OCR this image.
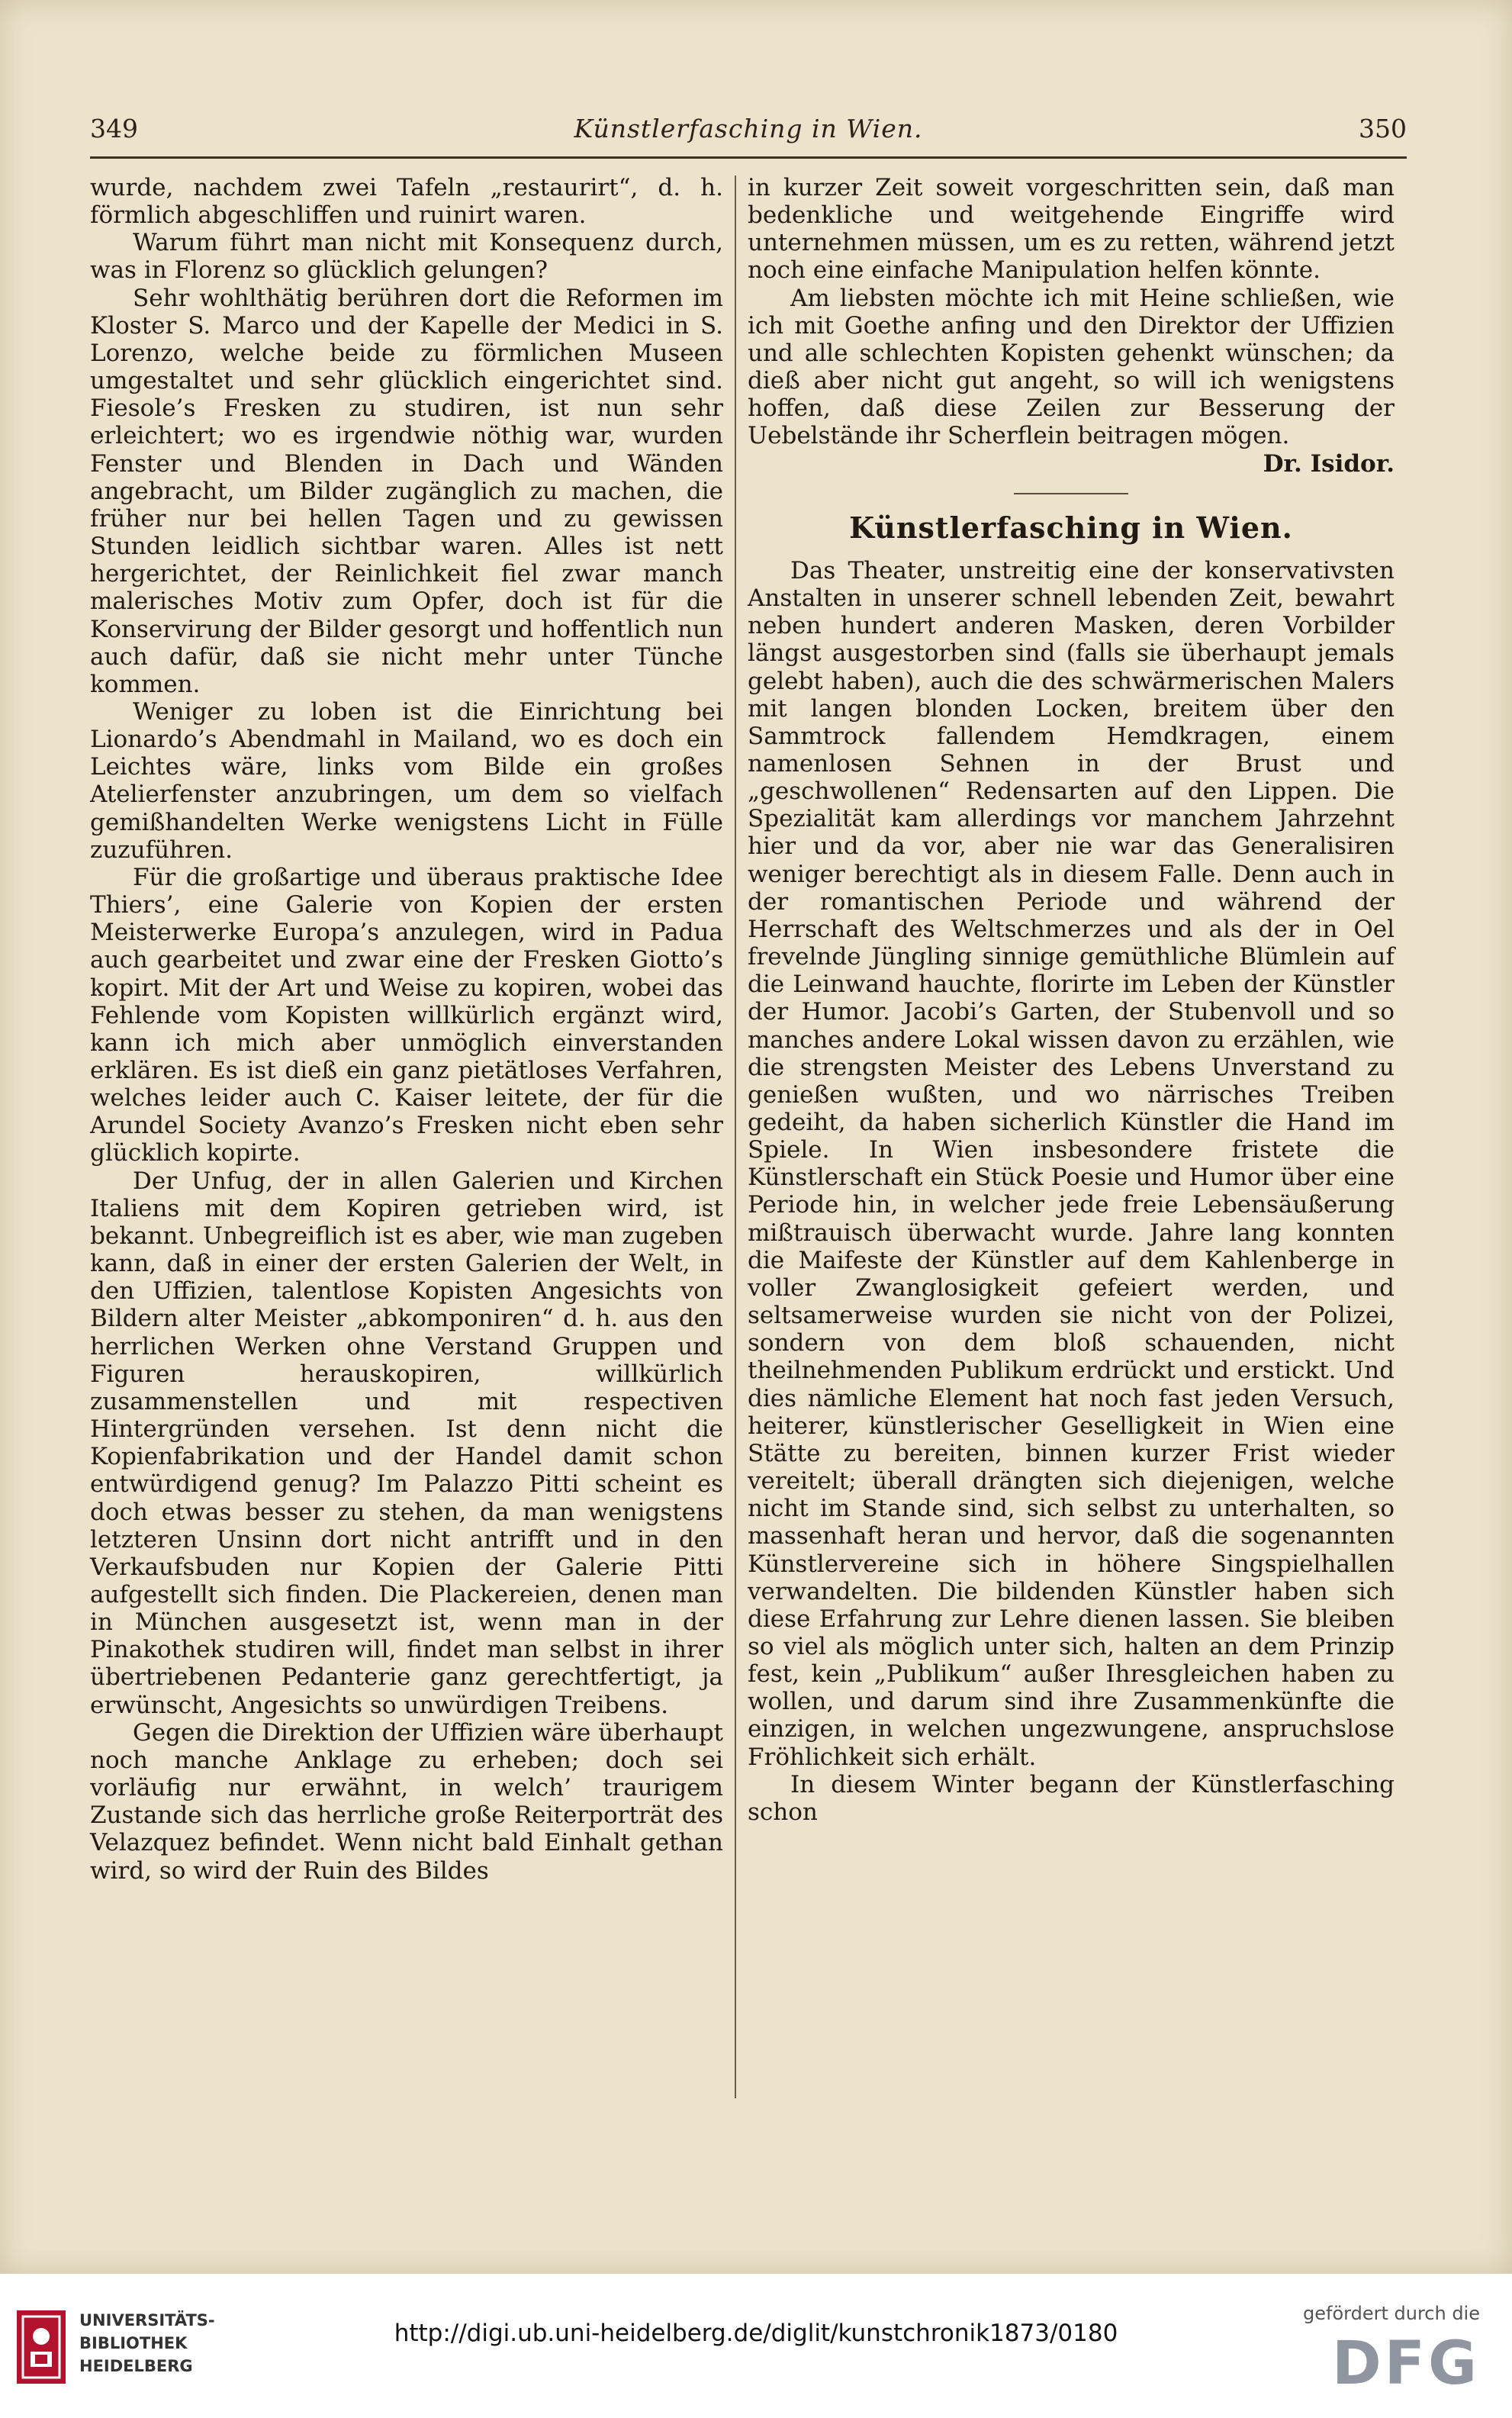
349	Künstlerfasching in Wien.	350

wurde, nachdem zwei Tafeln „restaurirt“, d. h. förmlich abgeschliffen und ruinirt waren.

Warum führt man nicht mit Konsequenz durch, was in Florenz so glücklich gelungen?

Sehr wohlthätig berühren dort die Reformen im Kloster S. Marco und der Kapelle der Medici in S. Lorenzo, welche beide zu förmlichen Museen umgestaltet und sehr glücklich eingerichtet sind. Fiesole’s Fresken zu studiren, ist nun sehr erleichtert; wo es irgendwie nöthig war, wurden Fenster und Blenden in Dach und Wänden angebracht, um Bilder zugänglich zu machen, die früher nur bei hellen Tagen und zu gewissen Stunden leidlich sichtbar waren. Alles ist nett hergerichtet, der Reinlichkeit fiel zwar manch malerisches Motiv zum Opfer, doch ist für die Konservirung der Bilder gesorgt und hoffentlich nun auch dafür, daß sie nicht mehr unter Tünche kommen.

Weniger zu loben ist die Einrichtung bei Lionardo’s Abendmahl in Mailand, wo es doch ein Leichtes wäre, links vom Bilde ein großes Atelierfenster anzubringen, um dem so vielfach gemißhandelten Werke wenigstens Licht in Fülle zuzuführen.

Für die großartige und überaus praktische Idee Thiers’, eine Galerie von Kopien der ersten Meisterwerke Europa’s anzulegen, wird in Padua auch gearbeitet und zwar eine der Fresken Giotto’s kopirt. Mit der Art und Weise zu kopiren, wobei das Fehlende vom Kopisten willkürlich ergänzt wird, kann ich mich aber unmöglich einverstanden erklären. Es ist dieß ein ganz pietätloses Verfahren, welches leider auch C. Kaiser leitete, der für die Arundel Society Avanzo’s Fresken nicht eben sehr glücklich kopirte.

Der Unfug, der in allen Galerien und Kirchen Italiens mit dem Kopiren getrieben wird, ist bekannt. Unbegreiflich ist es aber, wie man zugeben kann, daß in einer der ersten Galerien der Welt, in den Uffizien, talentlose Kopisten Angesichts von Bildern alter Meister „abkomponiren“ d. h. aus den herrlichen Werken ohne Verstand Gruppen und Figuren herauskopiren, willkürlich zusammenstellen und mit respectiven Hintergründen versehen. Ist denn nicht die Kopienfabrikation und der Handel damit schon entwürdigend genug? Im Palazzo Pitti scheint es doch etwas besser zu stehen, da man wenigstens letzteren Unsinn dort nicht antrifft und in den Verkaufsbuden nur Kopien der Galerie Pitti aufgestellt sich finden. Die Plackereien, denen man in München ausgesetzt ist, wenn man in der Pinakothek studiren will, findet man selbst in ihrer übertriebenen Pedanterie ganz gerechtfertigt, ja erwünscht, Angesichts so unwürdigen Treibens.

Gegen die Direktion der Uffizien wäre überhaupt noch manche Anklage zu erheben; doch sei vorläufig nur erwähnt, in welch’ traurigem Zustande sich das herrliche große Reiterporträt des Velazquez befindet. Wenn nicht bald Einhalt gethan wird, so wird der Ruin des Bildes

in kurzer Zeit soweit vorgeschritten sein, daß man bedenkliche und weitgehende Eingriffe wird unternehmen müssen, um es zu retten, während jetzt noch eine einfache Manipulation helfen könnte.

Am liebsten möchte ich mit Heine schließen, wie ich mit Goethe anfing und den Direktor der Uffizien und alle schlechten Kopisten gehenkt wünschen; da dieß aber nicht gut angeht, so will ich wenigstens hoffen, daß diese Zeilen zur Besserung der Uebelstände ihr Scherflein beitragen mögen.

Dr. Isidor.
Künstlerfasching in Wien.

Das Theater, unstreitig eine der konservativsten Anstalten in unserer schnell lebenden Zeit, bewahrt neben hundert anderen Masken, deren Vorbilder längst ausgestorben sind (falls sie überhaupt jemals gelebt haben), auch die des schwärmerischen Malers mit langen blonden Locken, breitem über den Sammtrock fallendem Hemdkragen, einem namenlosen Sehnen in der Brust und „geschwollenen“ Redensarten auf den Lippen. Die Spezialität kam allerdings vor manchem Jahrzehnt hier und da vor, aber nie war das Generalisiren weniger berechtigt als in diesem Falle. Denn auch in der romantischen Periode und während der Herrschaft des Weltschmerzes und als der in Oel frevelnde Jüngling sinnige gemüthliche Blümlein auf die Leinwand hauchte, florirte im Leben der Künstler der Humor. Jacobi’s Garten, der Stubenvoll und so manches andere Lokal wissen davon zu erzählen, wie die strengsten Meister des Lebens Unverstand zu genießen wußten, und wo närrisches Treiben gedeiht, da haben sicherlich Künstler die Hand im Spiele. In Wien insbesondere fristete die Künstlerschaft ein Stück Poesie und Humor über eine Periode hin, in welcher jede freie Lebensäußerung mißtrauisch überwacht wurde. Jahre lang konnten die Maifeste der Künstler auf dem Kahlenberge in voller Zwanglosigkeit gefeiert werden, und seltsamerweise wurden sie nicht von der Polizei, sondern von dem bloß schauenden, nicht theilnehmenden Publikum erdrückt und erstickt. Und dies nämliche Element hat noch fast jeden Versuch, heiterer, künstlerischer Geselligkeit in Wien eine Stätte zu bereiten, binnen kurzer Frist wieder vereitelt; überall drängten sich diejenigen, welche nicht im Stande sind, sich selbst zu unterhalten, so massenhaft heran und hervor, daß die sogenannten Künstlervereine sich in höhere Singspielhallen verwandelten. Die bildenden Künstler haben sich diese Erfahrung zur Lehre dienen lassen. Sie bleiben so viel als möglich unter sich, halten an dem Prinzip fest, kein „Publikum“ außer Ihresgleichen haben zu wollen, und darum sind ihre Zusammenkünfte die einzigen, in welchen ungezwungene, anspruchslose Fröhlichkeit sich erhält.

In diesem Winter begann der Künstlerfasching schon

UNIVERSITÄTS-
BIBLIOTHEK
HEIDELBERG
http://digi.ub.uni-heidelberg.de/diglit/kunstchronik1873/0180
gefördert durch die
DFG
